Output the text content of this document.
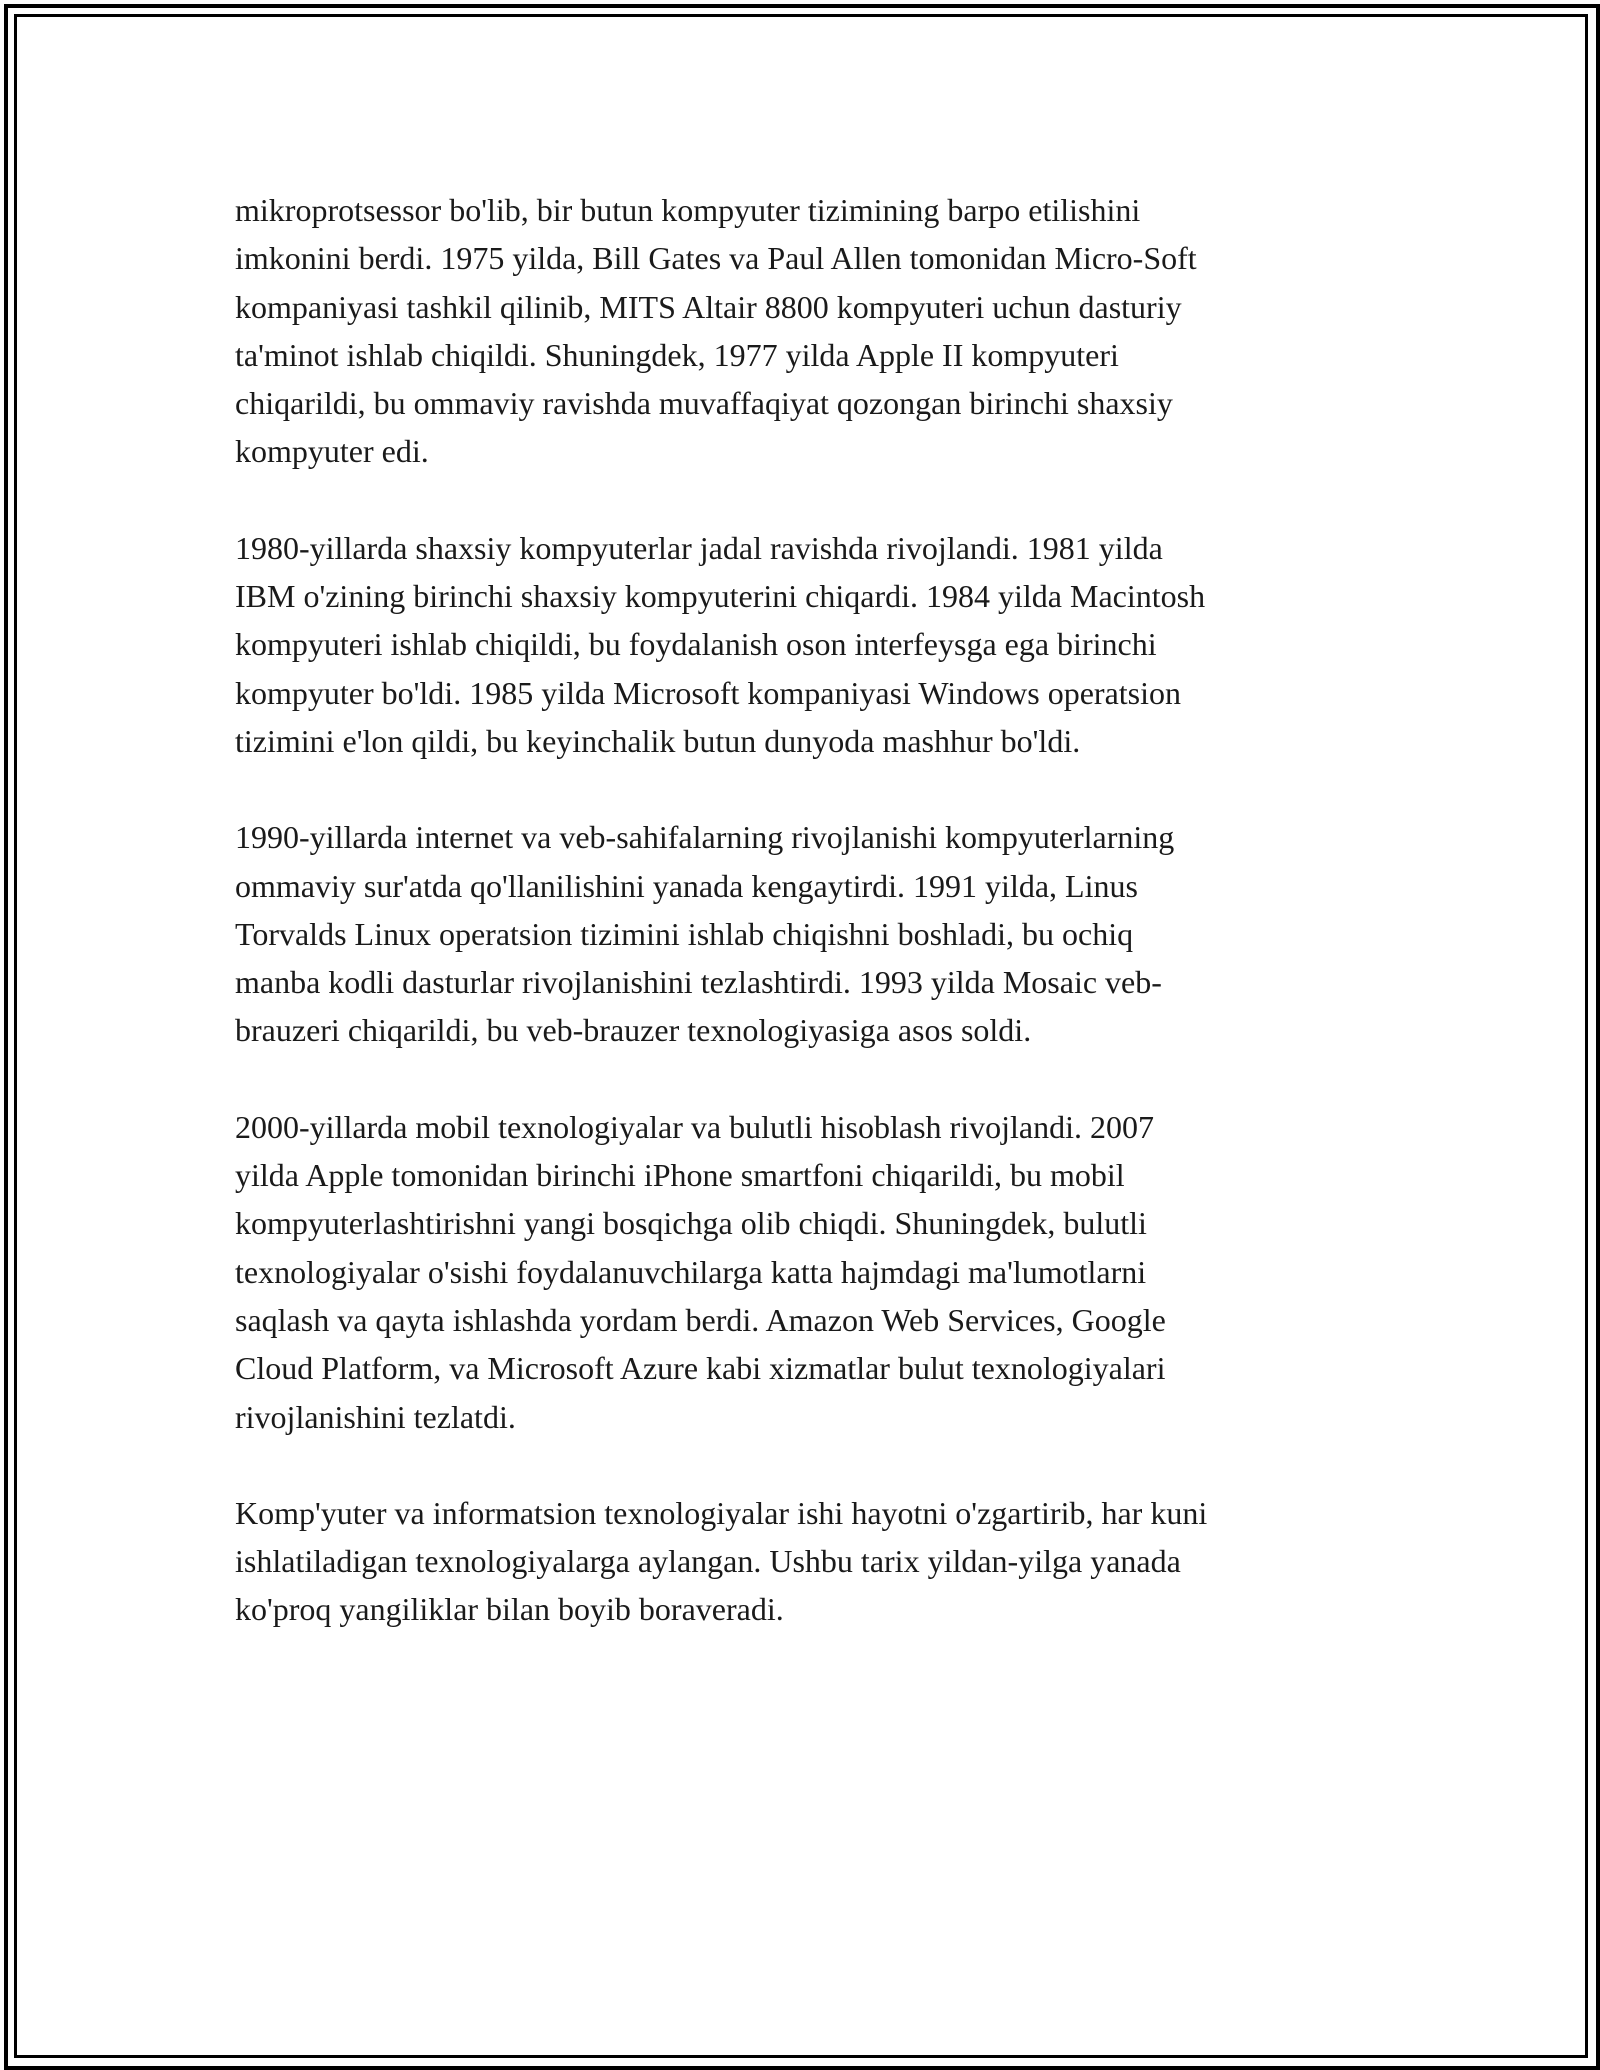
mikroprotsessor bo'lib, bir butun kompyuter tizimining barpo etilishini
imkonini berdi. 1975 yilda, Bill Gates va Paul Allen tomonidan Micro-Soft
kompaniyasi tashkil qilinib, MITS Altair 8800 kompyuteri uchun dasturiy
ta'minot ishlab chiqildi. Shuningdek, 1977 yilda Apple II kompyuteri
chiqarildi, bu ommaviy ravishda muvaffaqiyat qozongan birinchi shaxsiy
kompyuter edi.

1980-yillarda shaxsiy kompyuterlar jadal ravishda rivojlandi. 1981 yilda
IBM o'zining birinchi shaxsiy kompyuterini chiqardi. 1984 yilda Macintosh
kompyuteri ishlab chiqildi, bu foydalanish oson interfeysga ega birinchi
kompyuter bo'ldi. 1985 yilda Microsoft kompaniyasi Windows operatsion
tizimini e'lon qildi, bu keyinchalik butun dunyoda mashhur bo'ldi.

1990-yillarda internet va veb-sahifalarning rivojlanishi kompyuterlarning
ommaviy sur'atda qo'llanilishini yanada kengaytirdi. 1991 yilda, Linus
Torvalds Linux operatsion tizimini ishlab chiqishni boshladi, bu ochiq
manba kodli dasturlar rivojlanishini tezlashtirdi. 1993 yilda Mosaic veb-
brauzeri chiqarildi, bu veb-brauzer texnologiyasiga asos soldi.

2000-yillarda mobil texnologiyalar va bulutli hisoblash rivojlandi. 2007
yilda Apple tomonidan birinchi iPhone smartfoni chiqarildi, bu mobil
kompyuterlashtirishni yangi bosqichga olib chiqdi. Shuningdek, bulutli
texnologiyalar o'sishi foydalanuvchilarga katta hajmdagi ma'lumotlarni
saqlash va qayta ishlashda yordam berdi. Amazon Web Services, Google
Cloud Platform, va Microsoft Azure kabi xizmatlar bulut texnologiyalari
rivojlanishini tezlatdi.

Komp'yuter va informatsion texnologiyalar ishi hayotni o'zgartirib, har kuni
ishlatiladigan texnologiyalarga aylangan. Ushbu tarix yildan-yilga yanada
ko'proq yangiliklar bilan boyib boraveradi.
